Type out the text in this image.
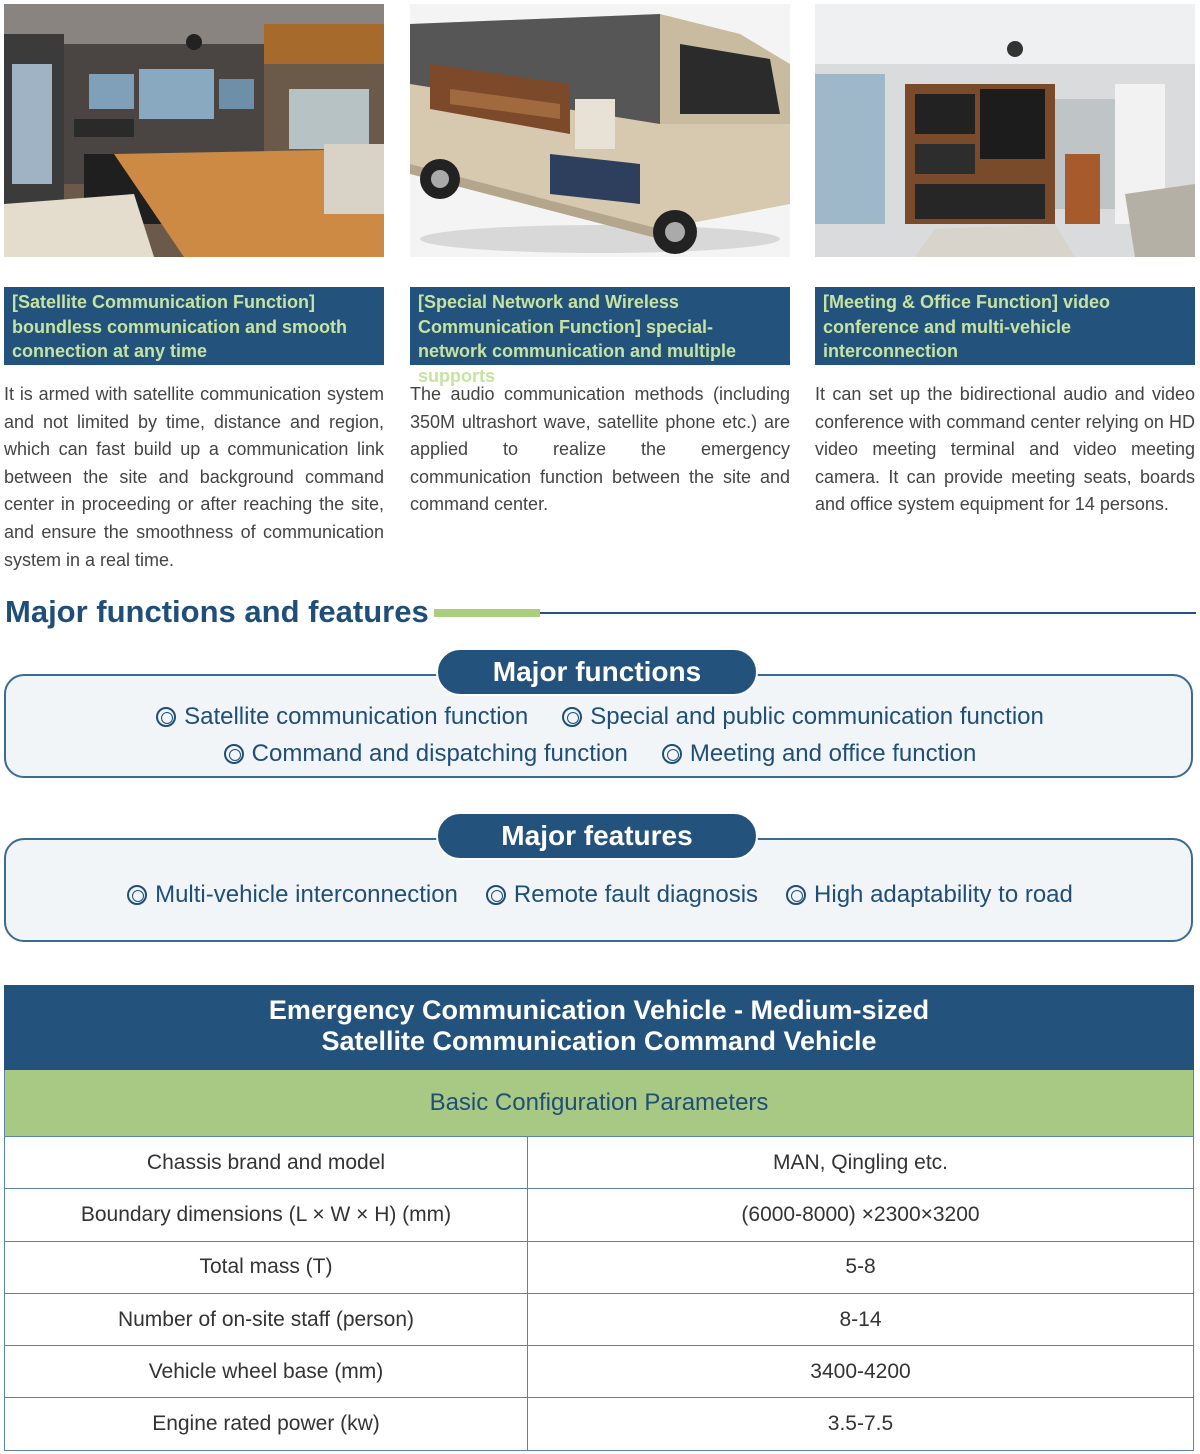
[Satellite Communication Function] boundless communication and smooth connection at any time
It is armed with satellite communication system and not limited by time, distance and region, which can fast build up a communication link between the site and background command center in proceeding or after reaching the site, and ensure the smoothness of communication system in a real time.
[Special Network and Wireless Communication Function] special-network communication and multiple supports
The audio communication methods (including 350M ultrashort wave, satellite phone etc.) are applied to realize the emergency communication function between the site and command center.
[Meeting & Office Function] video conference and multi-vehicle interconnection
It can set up the bidirectional audio and video conference with command center relying on HD video meeting terminal and video meeting camera. It can provide meeting seats, boards and office system equipment for 14 persons.
Major functions and features
Major functions
Satellite communication function	Special and public communication function
Command and dispatching function	Meeting and office function
Major features
Multi-vehicle interconnection Remote fault diagnosis High adaptability to road
Emergency Communication Vehicle - Medium-sized
Satellite Communication Command Vehicle
Basic Configuration Parameters
Chassis brand and model	MAN, Qingling etc.
Boundary dimensions (L × W × H) (mm)	(6000-8000) ×2300×3200
Total mass (T)	5-8
Number of on-site staff (person)	8-14
Vehicle wheel base (mm)	3400-4200
Engine rated power (kw)	3.5-7.5
